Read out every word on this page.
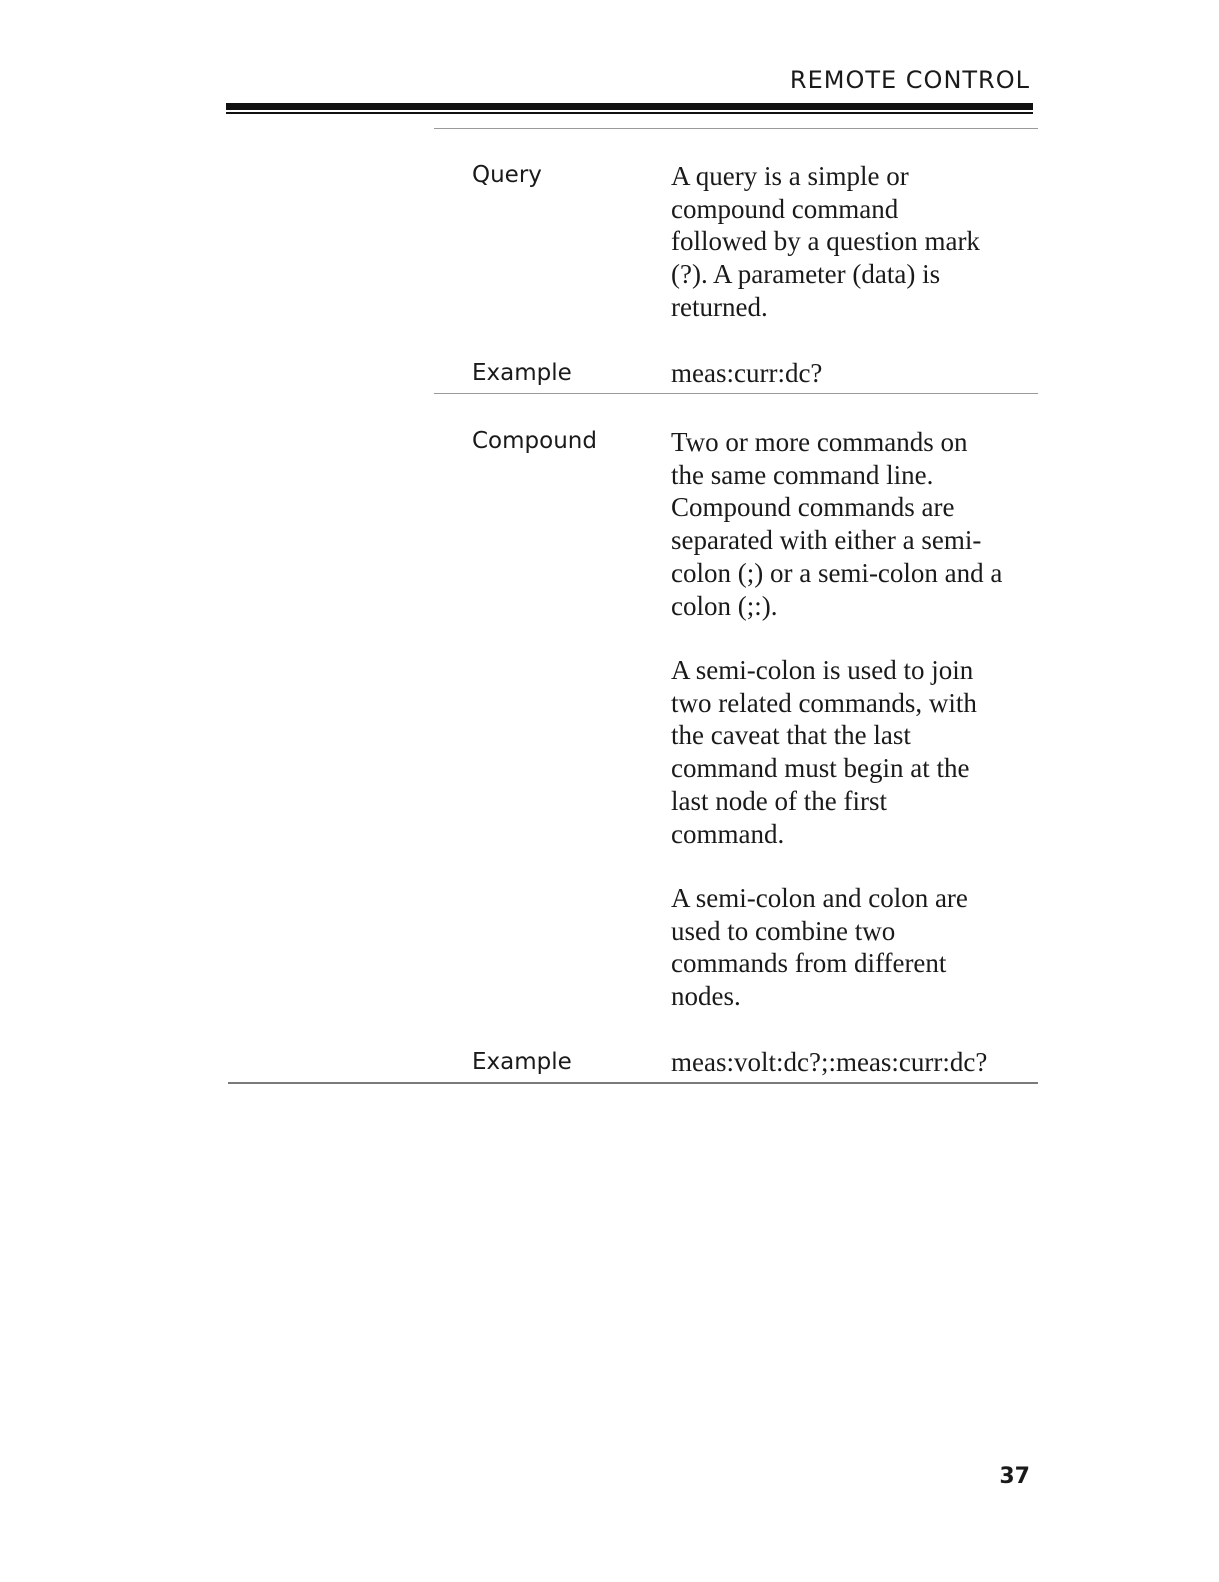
REMOTE CONTROL
Query	A query is a simple or

compound command

followed by a question mark

(?). A parameter (data) is

returned.

Example	meas:curr:dc?

Compound	Two or more commands on

the same command line.

Compound commands are

separated with either a semi-

colon (;) or a semi-colon and a

colon (;:).

A semi-colon is used to join

two related commands, with

the caveat that the last

command must begin at the

last node of the first

command.

A semi-colon and colon are

used to combine two

commands from different

nodes.

Example	meas:volt:dc?;:meas:curr:dc?

37
